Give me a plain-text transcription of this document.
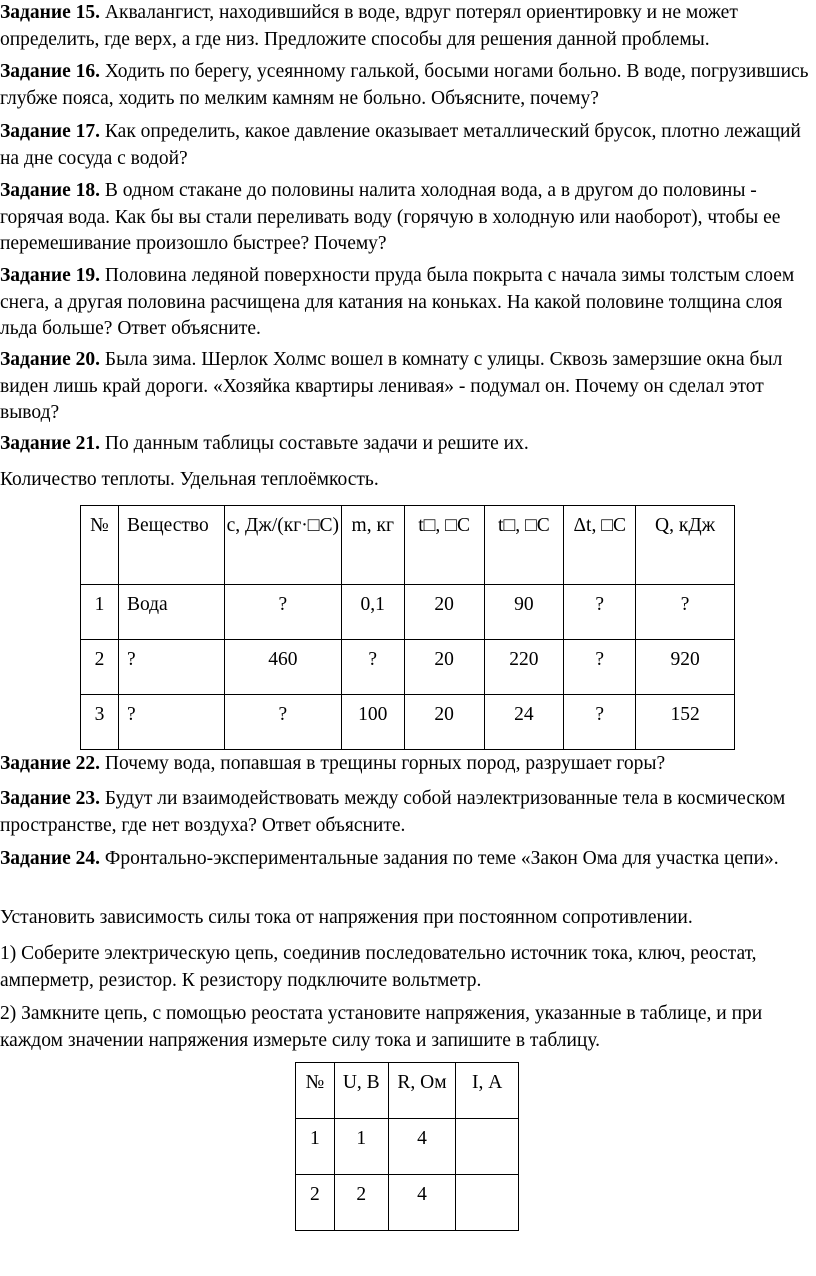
Задание 15. Аквалангист, находившийся в воде, вдруг потерял ориентировку и не может определить, где верх, а где низ. Предложите способы для решения данной проблемы.
Задание 16. Ходить по берегу, усеянному галькой, босыми ногами больно. В воде, погрузившись глубже пояса, ходить по мелким камням не больно. Объясните, почему?
Задание 17. Как определить, какое давление оказывает металлический брусок, плотно лежащий на дне сосуда с водой?
Задание 18. В одном стакане до половины налита холодная вода, а в другом до половины - горячая вода. Как бы вы стали переливать воду (горячую в холодную или наоборот), чтобы ее перемешивание произошло быстрее? Почему?
Задание 19. Половина ледяной поверхности пруда была покрыта с начала зимы толстым слоем снега, а другая половина расчищена для катания на коньках. На какой половине толщина слоя льда больше? Ответ объясните.
Задание 20. Была зима. Шерлок Холмс вошел в комнату с улицы. Сквозь замерзшие окна был виден лишь край дороги. «Хозяйка квартиры ленивая» - подумал он. Почему он сделал этот вывод?
Задание 21. По данным таблицы составьте задачи и решите их.
Количество теплоты. Удельная теплоёмкость.
№	Вещество	c, Дж/(кг·□C)	m, кг	t□, □C	t□, □C	Δt, □C	Q, кДж
1	Вода	?	0,1	20	90	?	?
2	?	460	?	20	220	?	920
3	?	?	100	20	24	?	152
Задание 22. Почему вода, попавшая в трещины горных пород, разрушает горы?
Задание 23. Будут ли взаимодействовать между собой наэлектризованные тела в космическом пространстве, где нет воздуха? Ответ объясните.
Задание 24. Фронтально-экспериментальные задания по теме «Закон Ома для участка цепи».
Установить зависимость силы тока от напряжения при постоянном сопротивлении.
1) Соберите электрическую цепь, соединив последовательно источник тока, ключ, реостат, амперметр, резистор. К резистору подключите вольтметр.
2) Замкните цепь, с помощью реостата установите напряжения, указанные в таблице, и при каждом значении напряжения измерьте силу тока и запишите в таблицу.
№	U, В	R, Ом	I, А
1	1	4	
2	2	4	
